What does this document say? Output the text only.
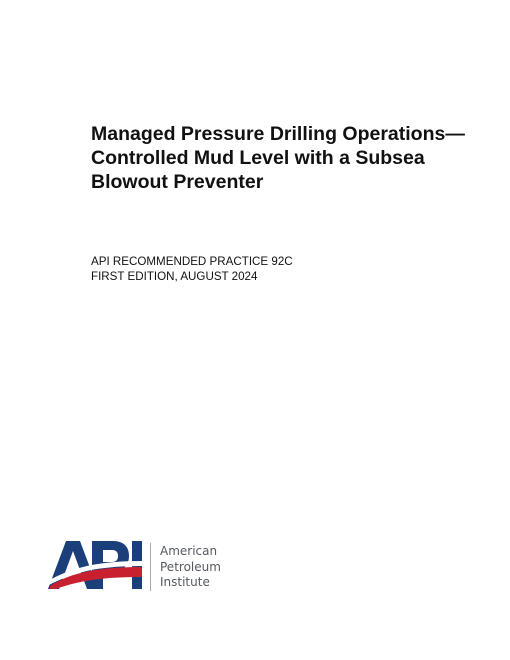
Managed Pressure Drilling Operations—
Controlled Mud Level with a Subsea
Blowout Preventer
API RECOMMENDED PRACTICE 92C
FIRST EDITION, AUGUST 2024
American
Petroleum
Institute
